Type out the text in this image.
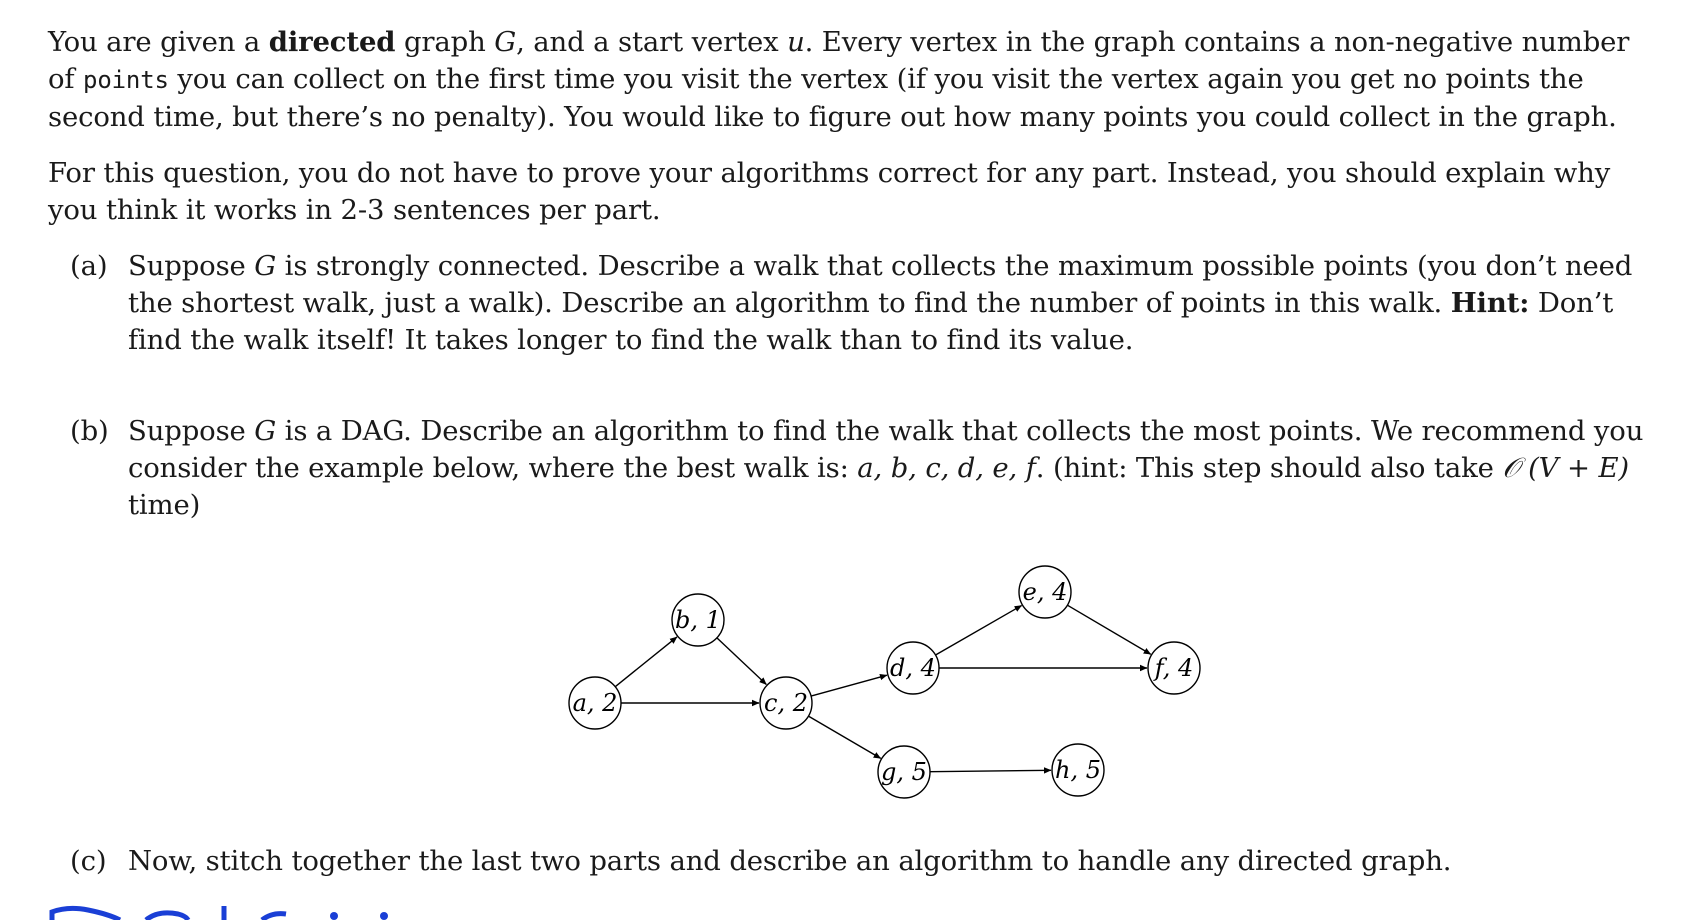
You are given a directed graph G, and a start vertex u. Every vertex in the graph contains a non-negative number of points you can collect on the first time you visit the vertex (if you visit the vertex again you get no points the second time, but there’s no penalty). You would like to figure out how many points you could collect in the graph.

For this question, you do not have to prove your algorithms correct for any part. Instead, you should explain why you think it works in 2-3 sentences per part.

(a) Suppose G is strongly connected. Describe a walk that collects the maximum possible points (you don’t need the shortest walk, just a walk). Describe an algorithm to find the number of points in this walk. Hint: Don’t find the walk itself! It takes longer to find the walk than to find its value.
(b) Suppose G is a DAG. Describe an algorithm to find the walk that collects the most points. We recommend you consider the example below, where the best walk is: a, b, c, d, e, f. (hint: This step should also take 𝒪 (V + E) time)
a, 2
b, 1
c, 2
d, 4
e, 4
f, 4
g, 5	h, 5
(c) Now, stitch together the last two parts and describe an algorithm to handle any directed graph.
